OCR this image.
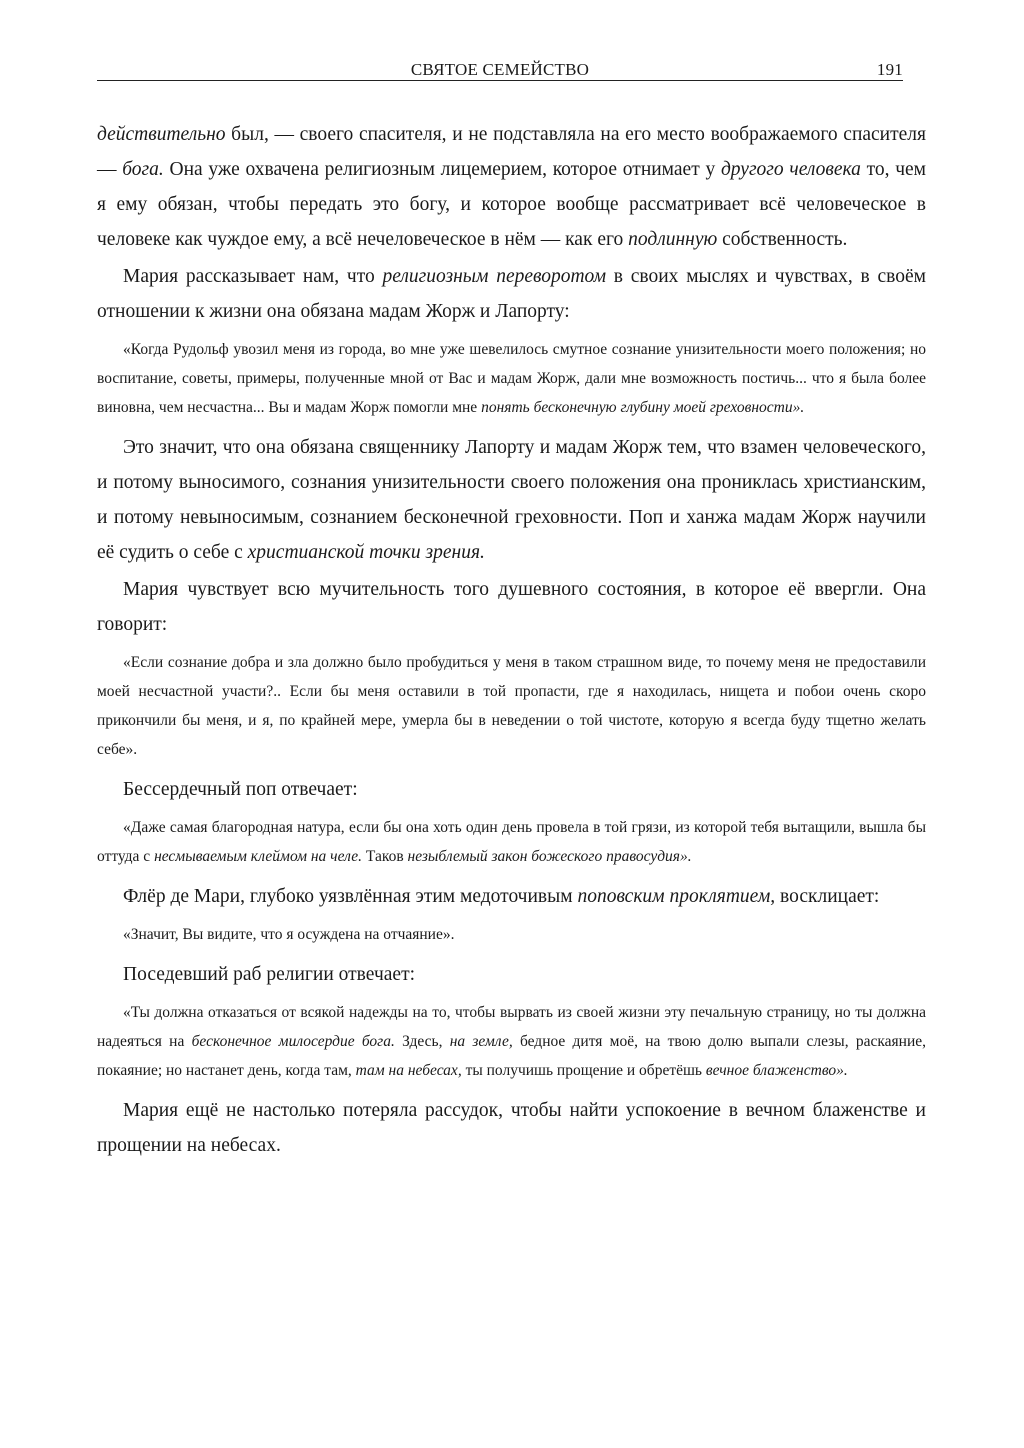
СВЯТОЕ СЕМЕЙСТВО	191

действительно был, — своего спасителя, и не подставляла на его место воображаемого спасителя — бога. Она уже охвачена религиозным лицемерием, которое отнимает у другого человека то, чем я ему обязан, чтобы передать это богу, и которое вообще рассматривает всё человеческое в человеке как чуждое ему, а всё нечеловеческое в нём — как его подлинную собственность.

Мария рассказывает нам, что религиозным переворотом в своих мыслях и чувствах, в своём отношении к жизни она обязана мадам Жорж и Лапорту:

«Когда Рудольф увозил меня из города, во мне уже шевелилось смутное сознание унизительности моего положения; но воспитание, советы, примеры, полученные мной от Вас и мадам Жорж, дали мне возможность постичь... что я была более виновна, чем несчастна... Вы и мадам Жорж помогли мне понять бесконечную глубину моей греховности».

Это значит, что она обязана священнику Лапорту и мадам Жорж тем, что взамен человеческого, и потому выносимого, сознания унизительности своего положения она прониклась христианским, и потому невыносимым, сознанием бесконечной греховности. Поп и ханжа мадам Жорж научили её судить о себе с христианской точки зрения.

Мария чувствует всю мучительность того душевного состояния, в которое её ввергли. Она говорит:

«Если сознание добра и зла должно было пробудиться у меня в таком страшном виде, то почему меня не предоставили моей несчастной участи?.. Если бы меня оставили в той пропасти, где я находилась, нищета и побои очень скоро прикончили бы меня, и я, по крайней мере, умерла бы в неведении о той чистоте, которую я всегда буду тщетно желать себе».

Бессердечный поп отвечает:

«Даже самая благородная натура, если бы она хоть один день провела в той грязи, из которой тебя вытащили, вышла бы оттуда с несмываемым клеймом на челе. Таков незыблемый закон божеского правосудия».

Флёр де Мари, глубоко уязвлённая этим медоточивым поповским проклятием, восклицает:

«Значит, Вы видите, что я осуждена на отчаяние».

Поседевший раб религии отвечает:

«Ты должна отказаться от всякой надежды на то, чтобы вырвать из своей жизни эту печальную страницу, но ты должна надеяться на бесконечное милосердие бога. Здесь, на земле, бедное дитя моё, на твою долю выпали слезы, раскаяние, покаяние; но настанет день, когда там, там на небесах, ты получишь прощение и обретёшь вечное блаженство».

Мария ещё не настолько потеряла рассудок, чтобы найти успокоение в вечном блаженстве и прощении на небесах.
